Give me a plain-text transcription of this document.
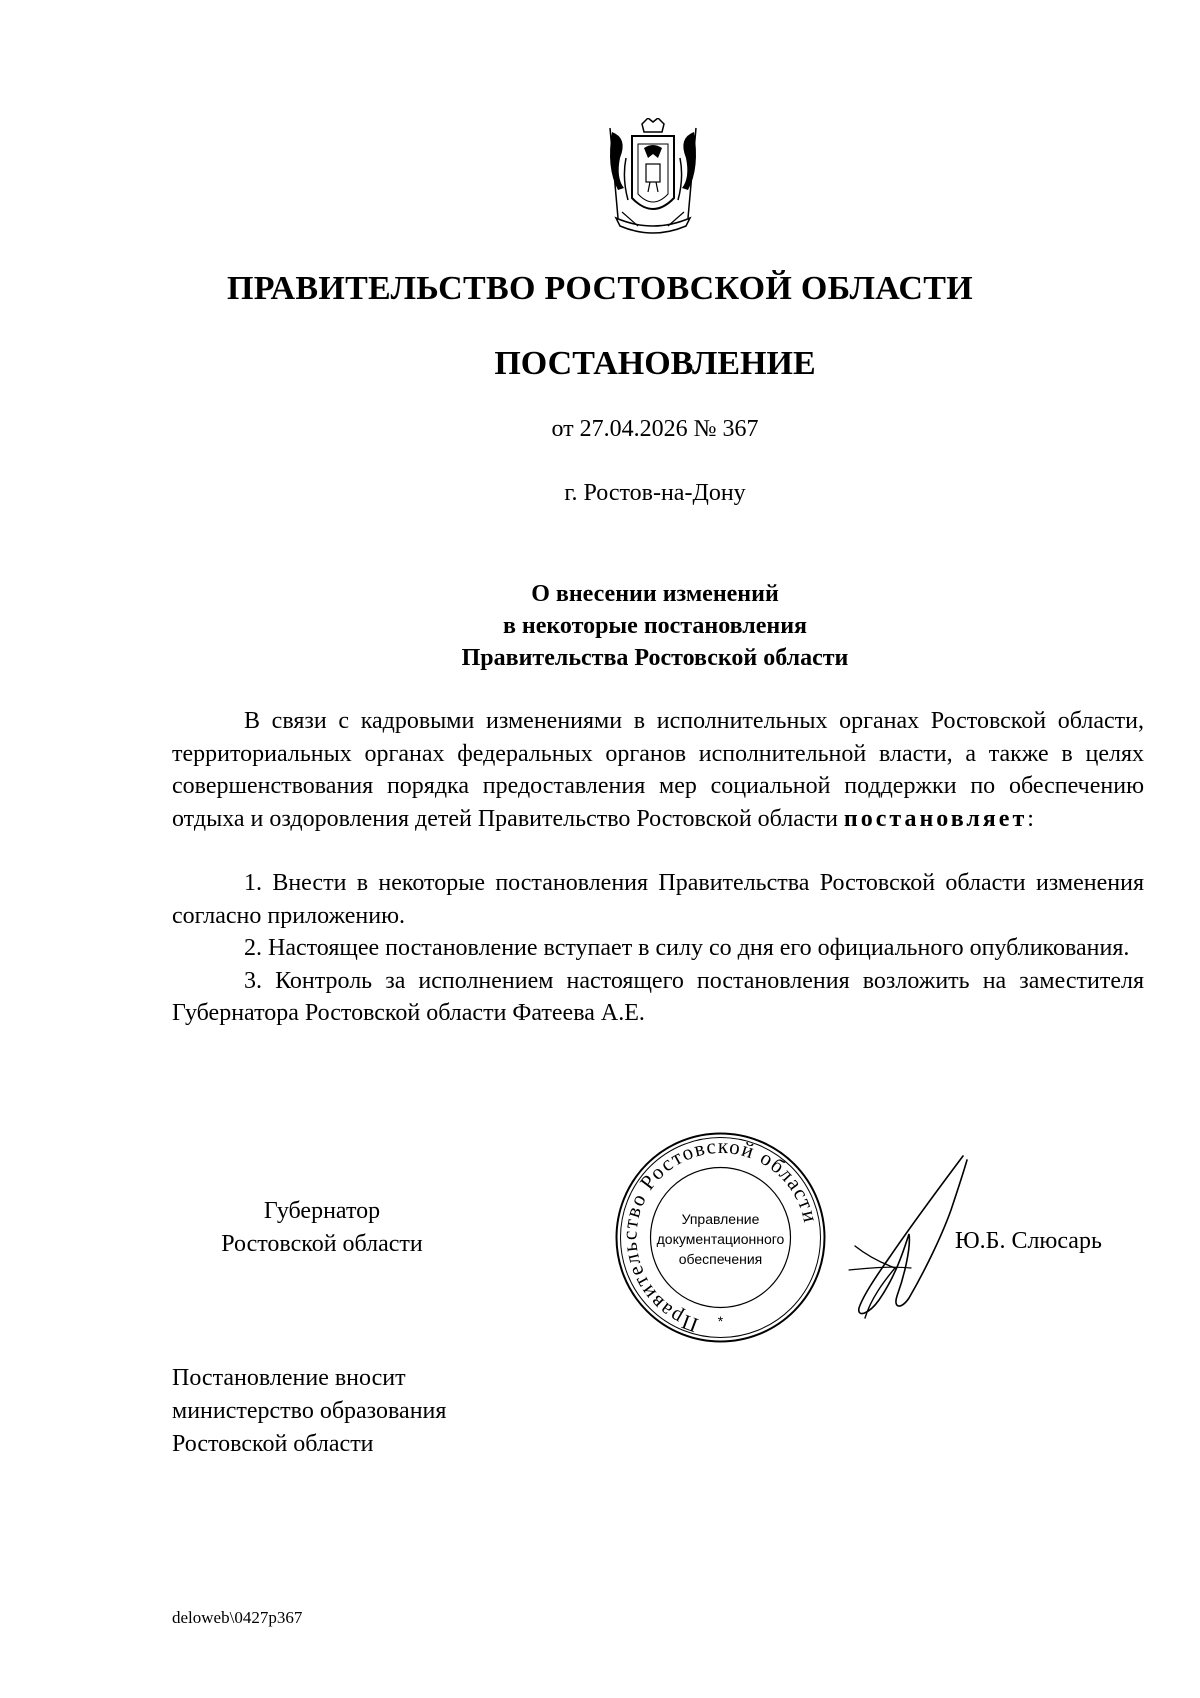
ПРАВИТЕЛЬСТВО РОСТОВСКОЙ ОБЛАСТИ
ПОСТАНОВЛЕНИЕ
от 27.04.2026 № 367
г. Ростов-на-Дону
О внесении изменений
в некоторые постановления
Правительства Ростовской области

В связи с кадровыми изменениями в исполнительных органах Ростовской области, территориальных органах федеральных органов исполнительной власти, а также в целях совершенствования порядка предоставления мер социальной поддержки по обеспечению отдыха и оздоровления детей Правительство Ростовской области постановляет:

1. Внести в некоторые постановления Правительства Ростовской области изменения согласно приложению.

2. Настоящее постановление вступает в силу со дня его официального опубликования.

3. Контроль за исполнением настоящего постановления возложить на заместителя Губернатора Ростовской области Фатеева А.Е.

Губернатор
Ростовской области
Правительство Ростовской области
Управление
документационного
обеспечения
*
Ю.Б. Слюсарь
Постановление вносит
министерство образования
Ростовской области
deloweb\0427p367
